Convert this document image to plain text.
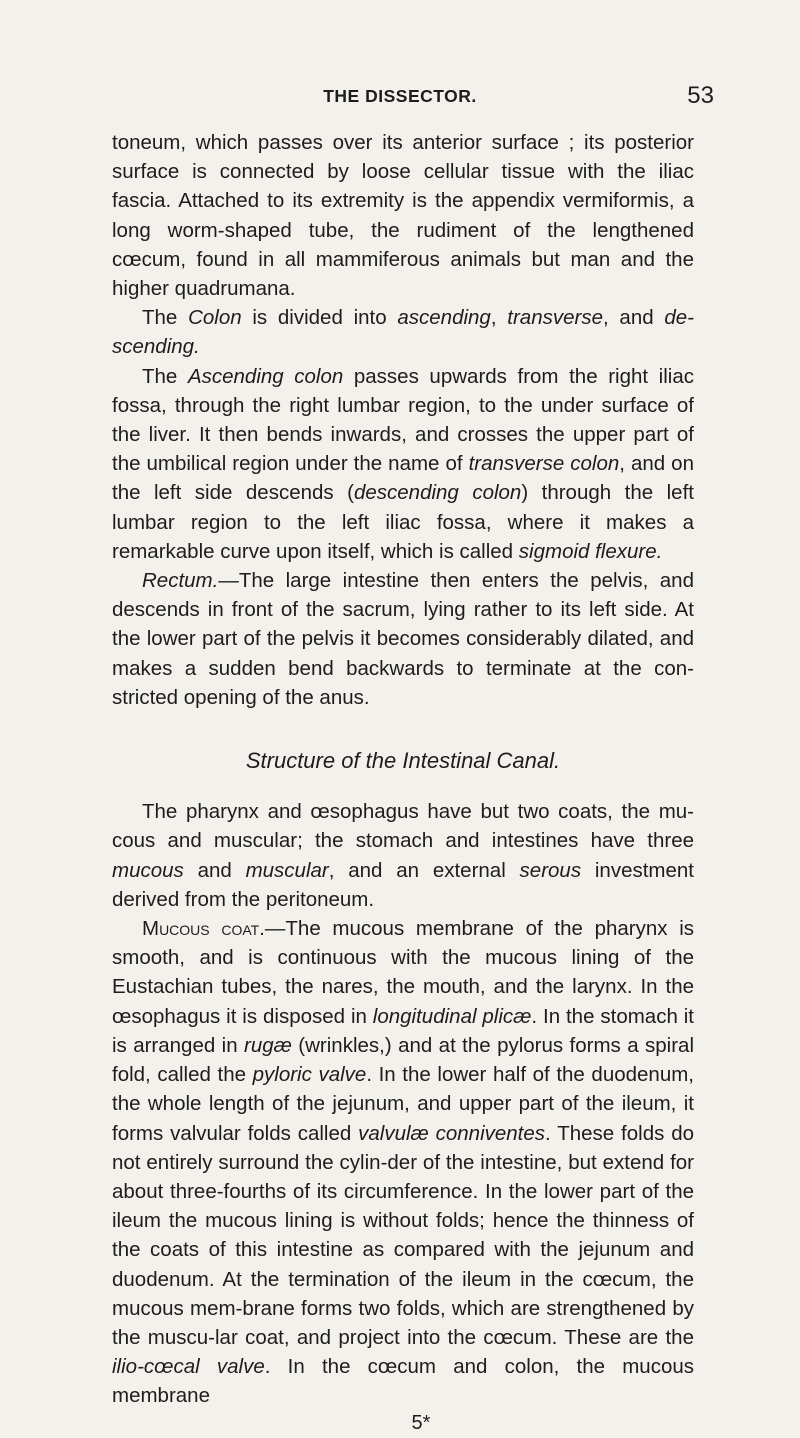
THE DISSECTOR.	53

toneum, which passes over its anterior surface ; its posterior surface is connected by loose cellular tissue with the iliac fascia. Attached to its extremity is the appendix vermiformis, a long worm-shaped tube, the rudiment of the lengthened cœcum, found in all mammiferous animals but man and the higher quadrumana.

The Colon is divided into ascending, transverse, and de-scending.

The Ascending colon passes upwards from the right iliac fossa, through the right lumbar region, to the under surface of the liver. It then bends inwards, and crosses the upper part of the umbilical region under the name of transverse colon, and on the left side descends (descending colon) through the left lumbar region to the left iliac fossa, where it makes a remarkable curve upon itself, which is called sigmoid flexure.

Rectum.—The large intestine then enters the pelvis, and descends in front of the sacrum, lying rather to its left side. At the lower part of the pelvis it becomes considerably dilated, and makes a sudden bend backwards to terminate at the con-stricted opening of the anus.

Structure of the Intestinal Canal.

The pharynx and œsophagus have but two coats, the mu-cous and muscular; the stomach and intestines have three mucous and muscular, and an external serous investment derived from the peritoneum.

Mucous coat.—The mucous membrane of the pharynx is smooth, and is continuous with the mucous lining of the Eustachian tubes, the nares, the mouth, and the larynx. In the œsophagus it is disposed in longitudinal plicæ. In the stomach it is arranged in rugæ (wrinkles,) and at the pylorus forms a spiral fold, called the pyloric valve. In the lower half of the duodenum, the whole length of the jejunum, and upper part of the ileum, it forms valvular folds called valvulæ conniventes. These folds do not entirely surround the cylin-der of the intestine, but extend for about three-fourths of its circumference. In the lower part of the ileum the mucous lining is without folds; hence the thinness of the coats of this intestine as compared with the jejunum and duodenum. At the termination of the ileum in the cœcum, the mucous mem-brane forms two folds, which are strengthened by the muscu-lar coat, and project into the cœcum. These are the ilio-cœcal valve. In the cœcum and colon, the mucous membrane

5*
